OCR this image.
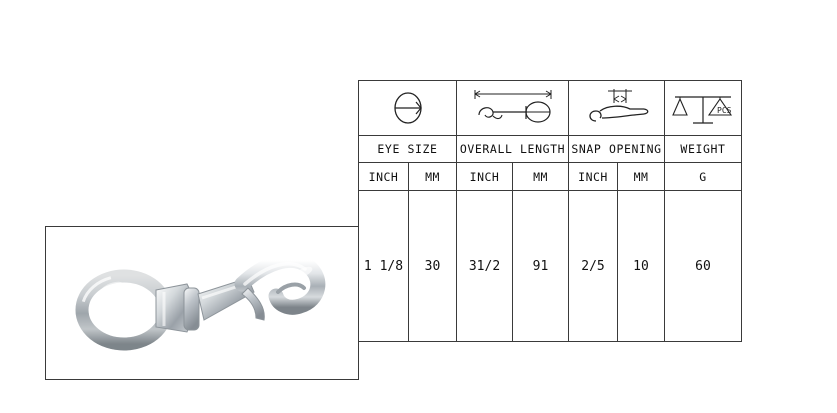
PCS

EYE SIZE		OVERALL LENGTH		SNAP OPENING		WEIGHT
INCH	MM	INCH	MM	INCH	MM	G
1 1/8	30	31/2	91	2/5	10	60
